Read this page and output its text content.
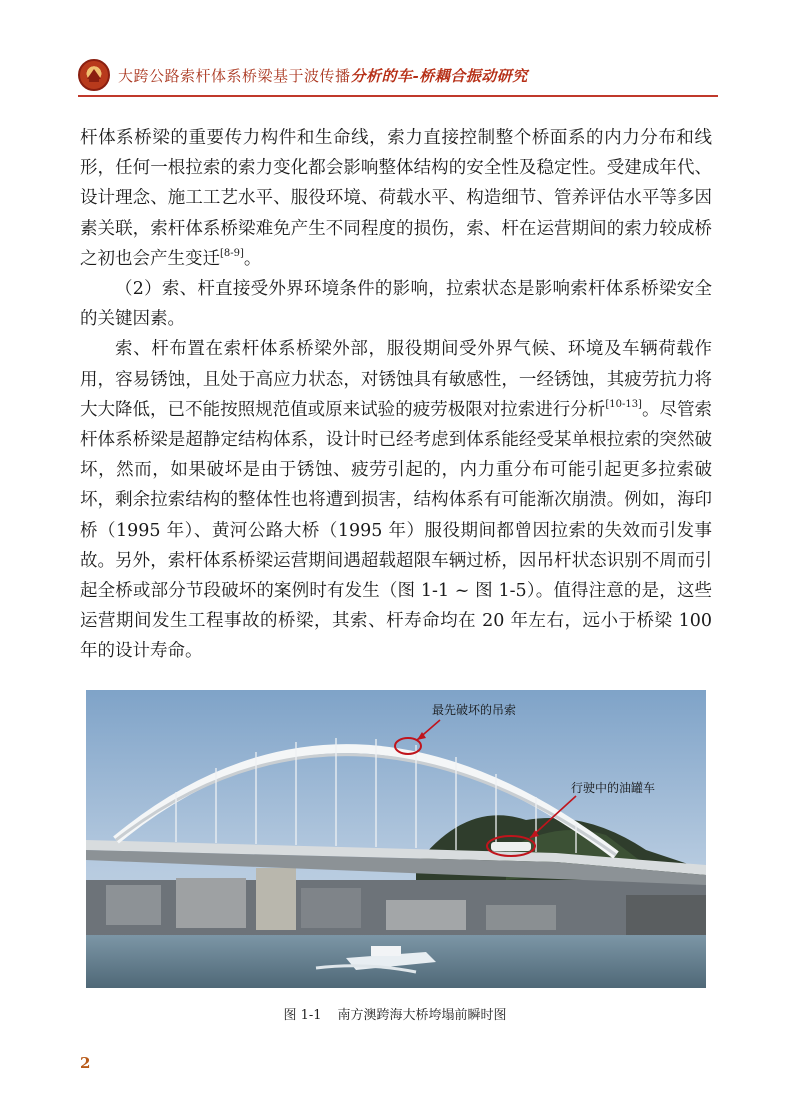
大跨公路索杆体系桥梁基于波传播分析的车-桥耦合振动研究

杆体系桥梁的重要传力构件和生命线，索力直接控制整个桥面系的内力分布和线形，任何一根拉索的索力变化都会影响整体结构的安全性及稳定性。受建成年代、设计理念、施工工艺水平、服役环境、荷载水平、构造细节、管养评估水平等多因素关联，索杆体系桥梁难免产生不同程度的损伤，索、杆在运营期间的索力较成桥之初也会产生变迁[8-9]。

（2）索、杆直接受外界环境条件的影响，拉索状态是影响索杆体系桥梁安全的关键因素。

索、杆布置在索杆体系桥梁外部，服役期间受外界气候、环境及车辆荷载作用，容易锈蚀，且处于高应力状态，对锈蚀具有敏感性，一经锈蚀，其疲劳抗力将大大降低，已不能按照规范值或原来试验的疲劳极限对拉索进行分析[10-13]。尽管索杆体系桥梁是超静定结构体系，设计时已经考虑到体系能经受某单根拉索的突然破坏，然而，如果破坏是由于锈蚀、疲劳引起的，内力重分布可能引起更多拉索破坏，剩余拉索结构的整体性也将遭到损害，结构体系有可能渐次崩溃。例如，海印桥（1995 年）、黄河公路大桥（1995 年）服役期间都曾因拉索的失效而引发事故。另外，索杆体系桥梁运营期间遇超载超限车辆过桥，因吊杆状态识别不周而引起全桥或部分节段破坏的案例时有发生（图 1-1 ~ 图 1-5）。值得注意的是，这些运营期间发生工程事故的桥梁，其索、杆寿命均在 20 年左右，远小于桥梁 100 年的设计寿命。

最先破坏的吊索
行驶中的油罐车
图 1-1 南方澳跨海大桥垮塌前瞬时图
2
